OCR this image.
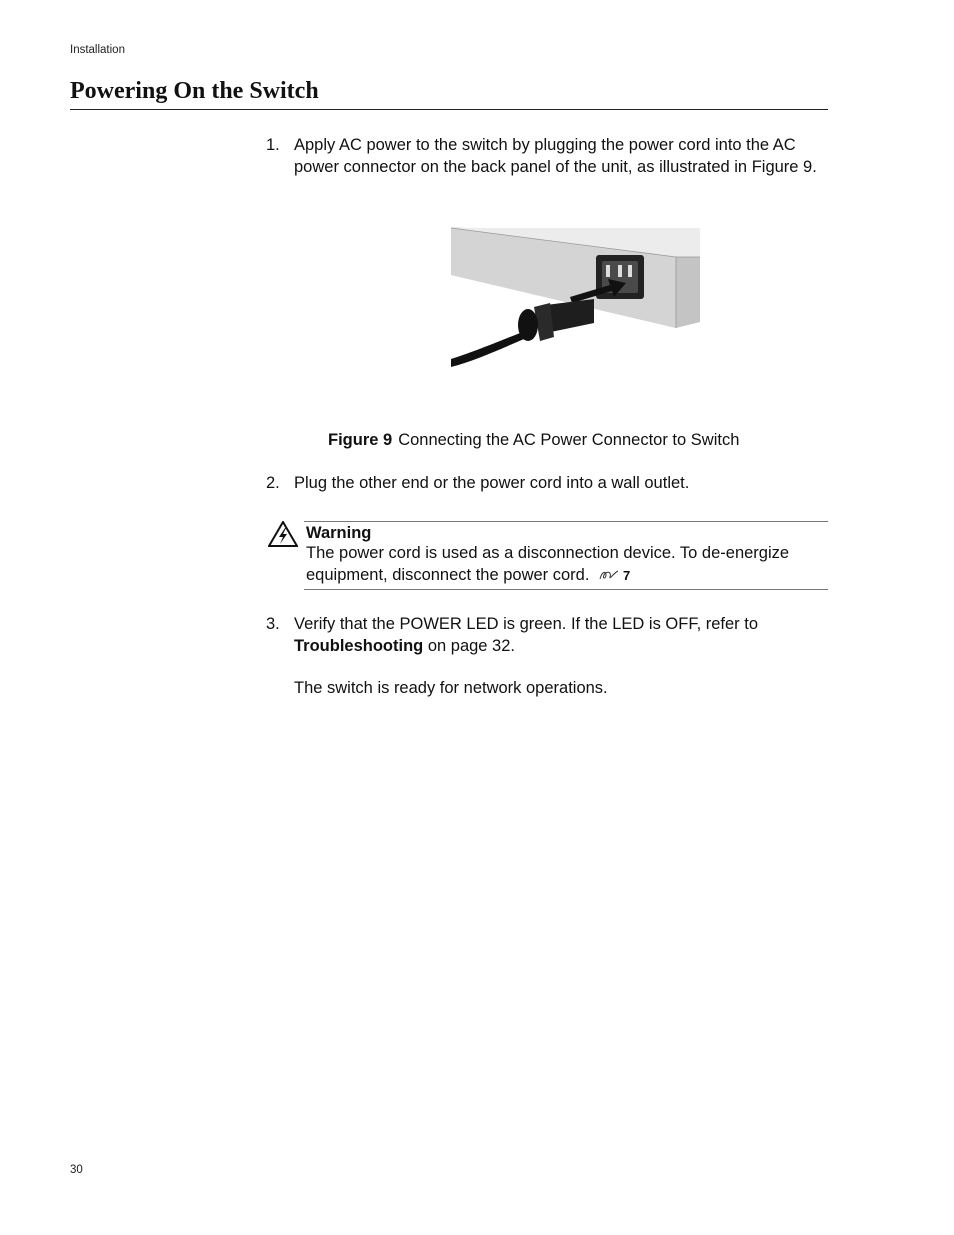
Installation
Powering On the Switch
1. Apply AC power to the switch by plugging the power cord into the AC power connector on the back panel of the unit, as illustrated in Figure 9.
Figure 9 Connecting the AC Power Connector to Switch
2. Plug the other end or the power cord into a wall outlet.
Warning
The power cord is used as a disconnection device. To de-energize equipment, disconnect the power cord.	7
3. Verify that the POWER LED is green. If the LED is OFF, refer to Troubleshooting on page 32.
The switch is ready for network operations.
30
